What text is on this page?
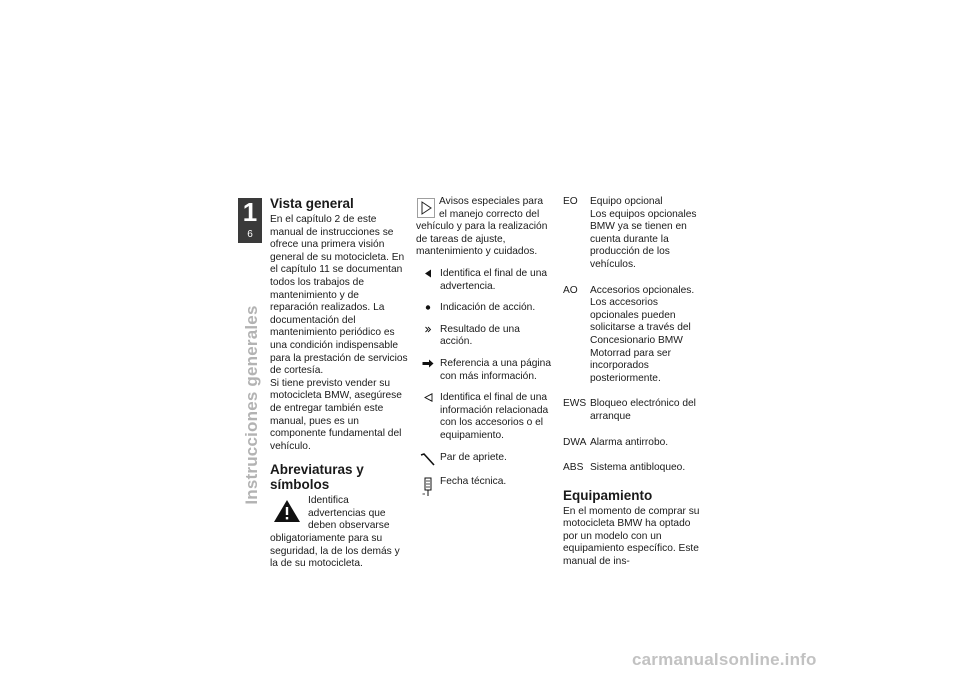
1
6
Instrucciones generales
Vista general

En el capítulo 2 de este manual de instrucciones se ofrece una primera visión general de su motocicleta. En el capítulo 11 se documentan todos los trabajos de mantenimiento y de reparación realizados. La documentación del mantenimiento periódico es una condición indispensable para la prestación de servicios de cortesía.

Si tiene previsto vender su motocicleta BMW, asegúrese de entregar también este manual, pues es un componente fundamental del vehículo.

Abreviaturas y símbolos
Identifica advertencias que deben observarse obligatoriamente para su seguridad, la de los demás y la de su motocicleta.
Avisos especiales para el manejo correcto del vehículo y para la realización de tareas de ajuste, mantenimiento y cuidados.
Identifica el final de una advertencia.
Indicación de acción.
Resultado de una acción.
Referencia a una página con más información.
Identifica el final de una información relacionada con los accesorios o el equipamiento.
Par de apriete.
Fecha técnica.
EO	Equipo opcional
Los equipos opcionales BMW ya se tienen en cuenta durante la producción de los vehículos.
AO	Accesorios opcionales.
Los accesorios opcionales pueden solicitarse a través del Concesionario BMW Motorrad para ser incorporados posteriormente.
EWS Bloqueo electrónico del arranque
DWA Alarma antirrobo.
ABS Sistema antibloqueo.
Equipamiento

En el momento de comprar su motocicleta BMW ha optado por un modelo con un equipamiento específico. Este manual de ins-

carmanualsonline.info
